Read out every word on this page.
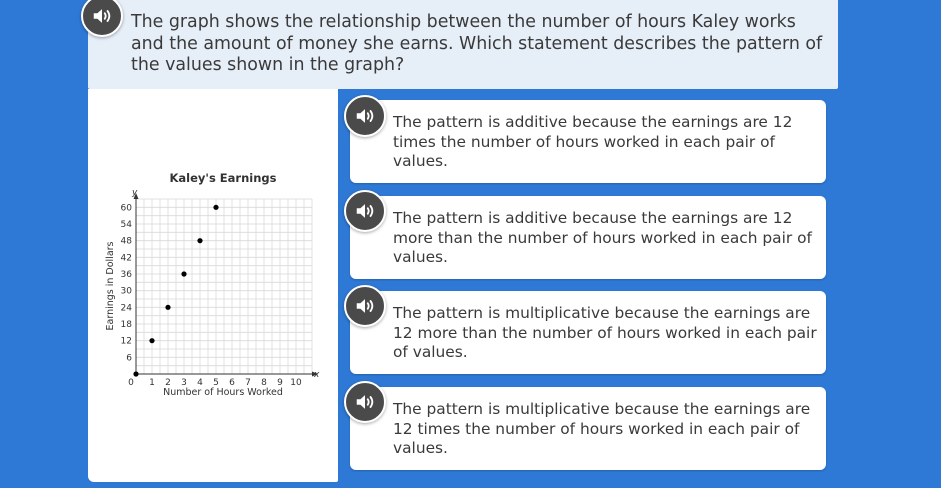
The graph shows the relationship between the number of hours Kaley works and the amount of money she earns. Which statement describes the pattern of the values shown in the graph?
Kaley's Earnings
1 2 3 4 5 6 7 8 9 10
6
12
18
24
30
36
42
48
54
60
Number of Hours Worked
Earnings in Dollars
x
y
0
The pattern is additive because the earnings are 12 times the number of hours worked in each pair of values.
The pattern is additive because the earnings are 12 more than the number of hours worked in each pair of values.
The pattern is multiplicative because the earnings are 12 more than the number of hours worked in each pair of values.
The pattern is multiplicative because the earnings are 12 times the number of hours worked in each pair of values.
